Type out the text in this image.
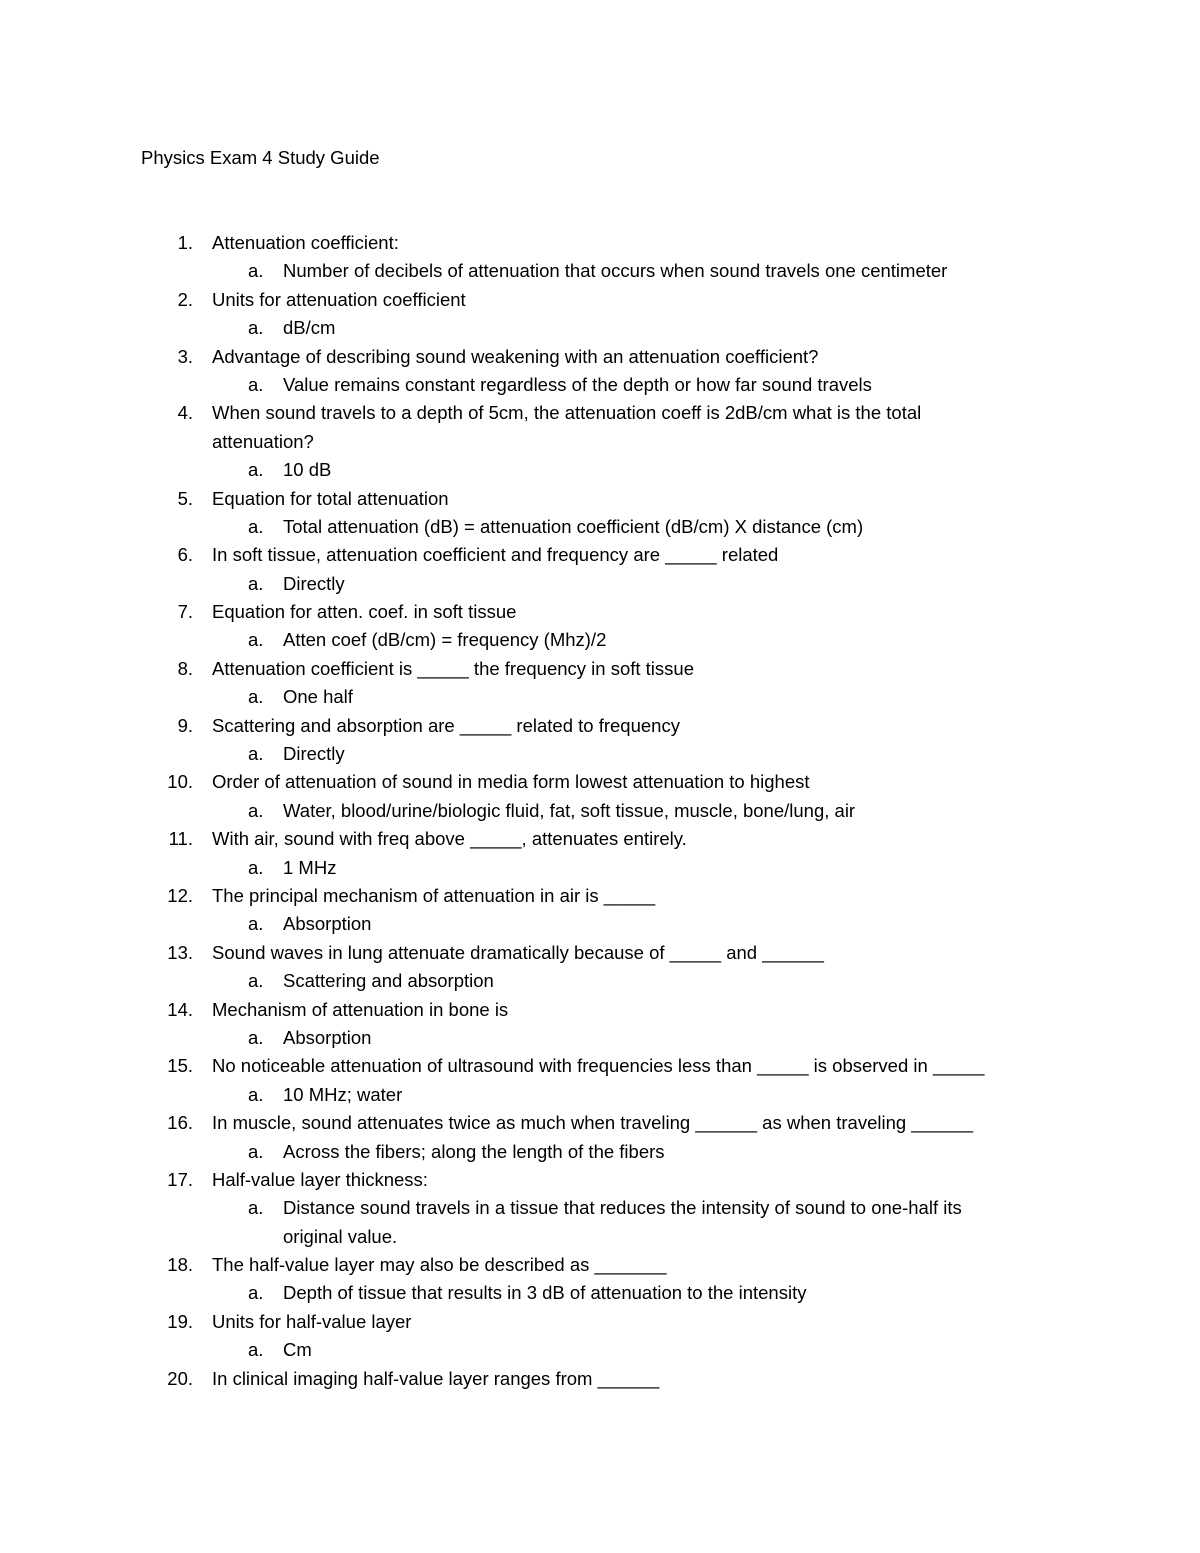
Physics Exam 4 Study Guide
1. Attenuation coefficient:
a. Number of decibels of attenuation that occurs when sound travels one centimeter
2. Units for attenuation coefficient
a. dB/cm
3. Advantage of describing sound weakening with an attenuation coefficient?
a. Value remains constant regardless of the depth or how far sound travels
4. When sound travels to a depth of 5cm, the attenuation coeff is 2dB/cm what is the total
attenuation?
a. 10 dB
5. Equation for total attenuation
a. Total attenuation (dB) = attenuation coefficient (dB/cm) X distance (cm)
6. In soft tissue, attenuation coefficient and frequency are _____ related
a. Directly
7. Equation for atten. coef. in soft tissue
a. Atten coef (dB/cm) = frequency (Mhz)/2
8. Attenuation coefficient is _____ the frequency in soft tissue
a. One half
9. Scattering and absorption are _____ related to frequency
a. Directly
10. Order of attenuation of sound in media form lowest attenuation to highest
a. Water, blood/urine/biologic fluid, fat, soft tissue, muscle, bone/lung, air
11. With air, sound with freq above _____, attenuates entirely.
a. 1 MHz
12. The principal mechanism of attenuation in air is _____
a. Absorption
13. Sound waves in lung attenuate dramatically because of _____ and ______
a. Scattering and absorption
14. Mechanism of attenuation in bone is
a. Absorption
15. No noticeable attenuation of ultrasound with frequencies less than _____ is observed in _____
a. 10 MHz; water
16. In muscle, sound attenuates twice as much when traveling ______ as when traveling ______
a. Across the fibers; along the length of the fibers
17. Half-value layer thickness:
a. Distance sound travels in a tissue that reduces the intensity of sound to one-half its
original value.
18. The half-value layer may also be described as _______
a. Depth of tissue that results in 3 dB of attenuation to the intensity
19. Units for half-value layer
a. Cm
20. In clinical imaging half-value layer ranges from ______
